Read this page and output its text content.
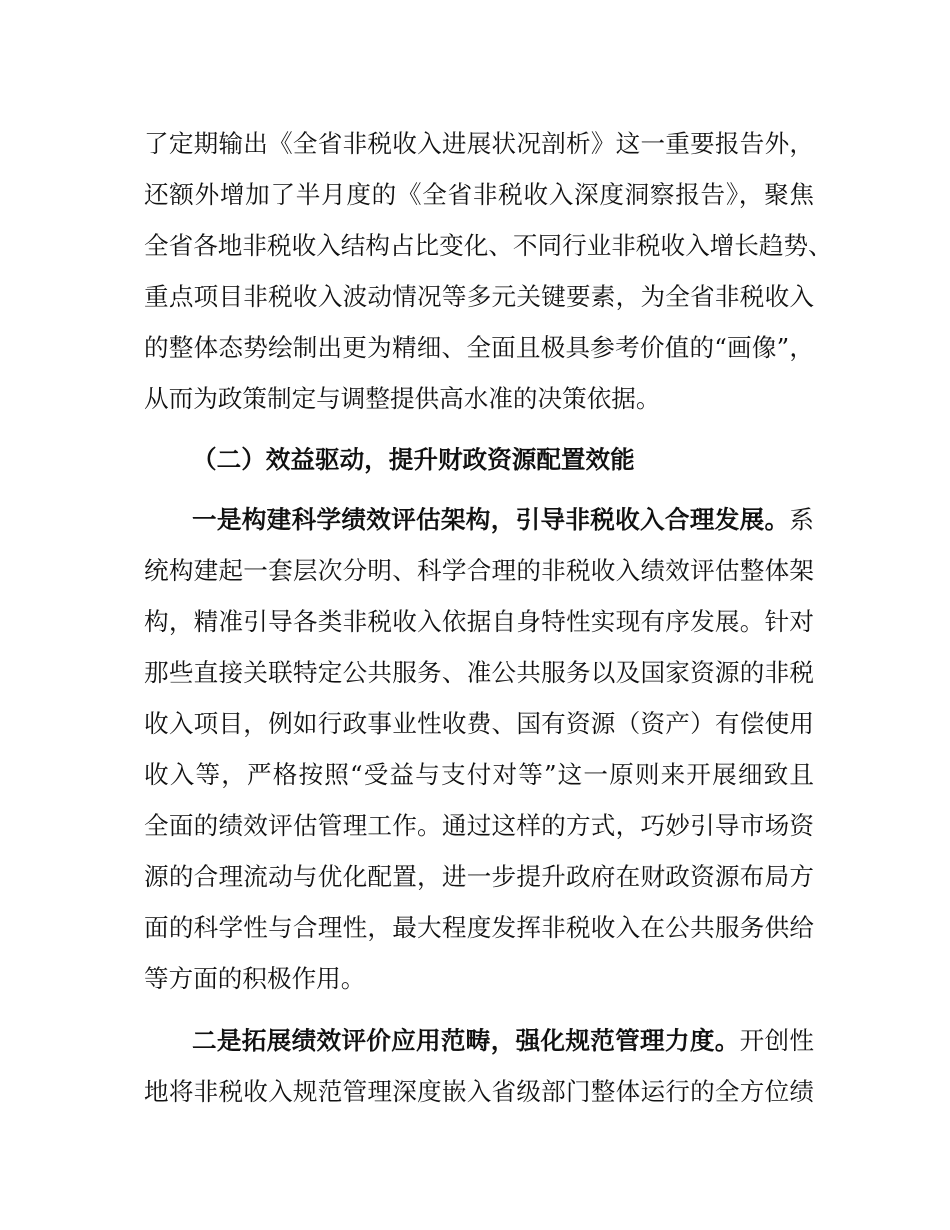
了定期输出《全省非税收入进展状况剖析》这一重要报告外，
还额外增加了半月度的《全省非税收入深度洞察报告》，聚焦
全省各地非税收入结构占比变化、不同行业非税收入增长趋势、
重点项目非税收入波动情况等多元关键要素，为全省非税收入
的整体态势绘制出更为精细、全面且极具参考价值的“画像”，
从而为政策制定与调整提供高水准的决策依据。
（二）效益驱动，提升财政资源配置效能
一是构建科学绩效评估架构，引导非税收入合理发展。系
统构建起一套层次分明、科学合理的非税收入绩效评估整体架
构，精准引导各类非税收入依据自身特性实现有序发展。针对
那些直接关联特定公共服务、准公共服务以及国家资源的非税
收入项目，例如行政事业性收费、国有资源（资产）有偿使用
收入等，严格按照“受益与支付对等”这一原则来开展细致且
全面的绩效评估管理工作。通过这样的方式，巧妙引导市场资
源的合理流动与优化配置，进一步提升政府在财政资源布局方
面的科学性与合理性，最大程度发挥非税收入在公共服务供给
等方面的积极作用。
二是拓展绩效评价应用范畴，强化规范管理力度。开创性
地将非税收入规范管理深度嵌入省级部门整体运行的全方位绩
